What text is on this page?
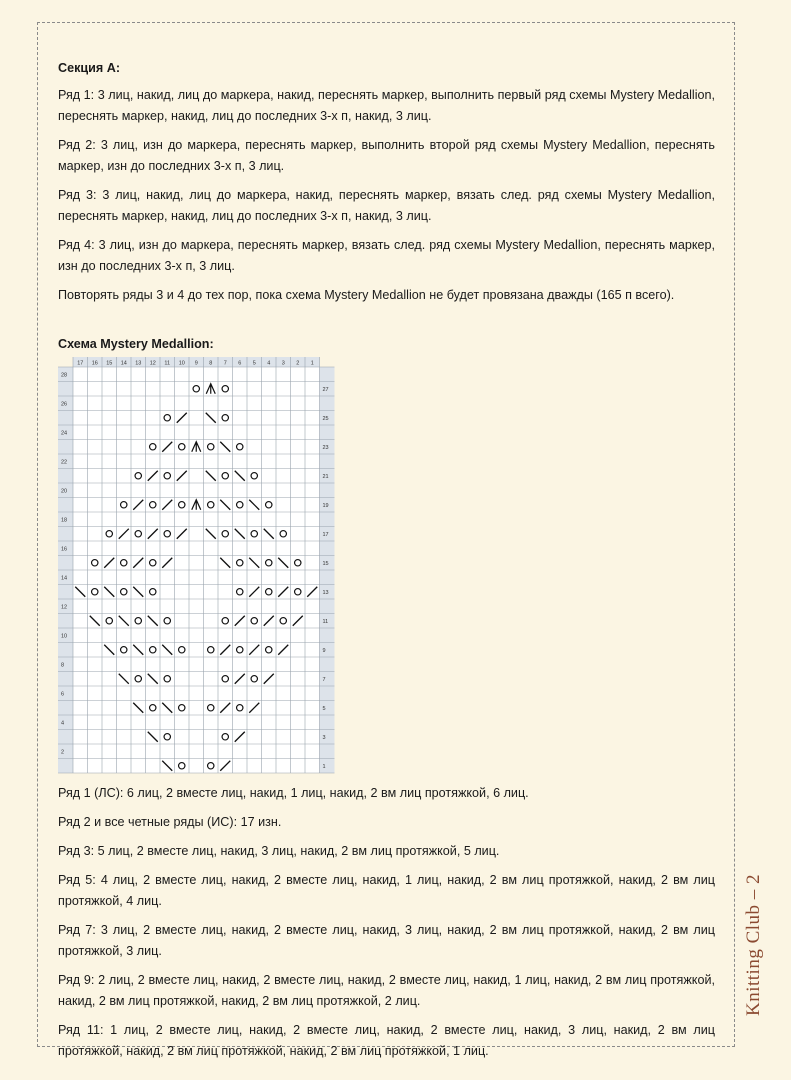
Секция А:

Ряд 1: 3 лиц, накид, лиц до маркера, накид, переснять маркер, выполнить первый ряд схемы Mystery Medallion, переснять маркер, накид, лиц до последних 3-х п, накид, 3 лиц.

Ряд 2: 3 лиц, изн до маркера, переснять маркер, выполнить второй ряд схемы Mystery Medallion, переснять маркер, изн до последних 3-х п, 3 лиц.

Ряд 3: 3 лиц, накид, лиц до маркера, накид, переснять маркер, вязать след. ряд схемы Mystery Medallion, переснять маркер, накид, лиц до последних 3-х п, накид, 3 лиц.

Ряд 4: 3 лиц, изн до маркера, переснять маркер, вязать след. ряд схемы Mystery Medallion, переснять маркер, изн до последних 3-х п, 3 лиц.

Повторять ряды 3 и 4 до тех пор, пока схема Mystery Medallion не будет провязана дважды (165 п всего).

Схема Mystery Medallion:
17 16 15 14 13 12 11 10 9 8 7 6 5 4 3 2 1
28
27
26
25
24
23
22
21
20
19
18
17
16
15
14
13
12
11
10
9
8
7
6
5
4
3
2
1

Ряд 1 (ЛС): 6 лиц, 2 вместе лиц, накид, 1 лиц, накид, 2 вм лиц протяжкой, 6 лиц.

Ряд 2 и все четные ряды (ИС): 17 изн.

Ряд 3: 5 лиц, 2 вместе лиц, накид, 3 лиц, накид, 2 вм лиц протяжкой, 5 лиц.

Ряд 5: 4 лиц, 2 вместе лиц, накид, 2 вместе лиц, накид, 1 лиц, накид, 2 вм лиц протяжкой, накид, 2 вм лиц протяжкой, 4 лиц.

Ряд 7: 3 лиц, 2 вместе лиц, накид, 2 вместе лиц, накид, 3 лиц, накид, 2 вм лиц протяжкой, накид, 2 вм лиц протяжкой, 3 лиц.

Ряд 9: 2 лиц, 2 вместе лиц, накид, 2 вместе лиц, накид, 2 вместе лиц, накид, 1 лиц, накид, 2 вм лиц протяжкой, накид, 2 вм лиц протяжкой, накид, 2 вм лиц протяжкой, 2 лиц.

Ряд 11: 1 лиц, 2 вместе лиц, накид, 2 вместе лиц, накид, 2 вместе лиц, накид, 3 лиц, накид, 2 вм лиц протяжкой, накид, 2 вм лиц протяжкой, накид, 2 вм лиц протяжкой, 1 лиц.

Knitting Club – 2
